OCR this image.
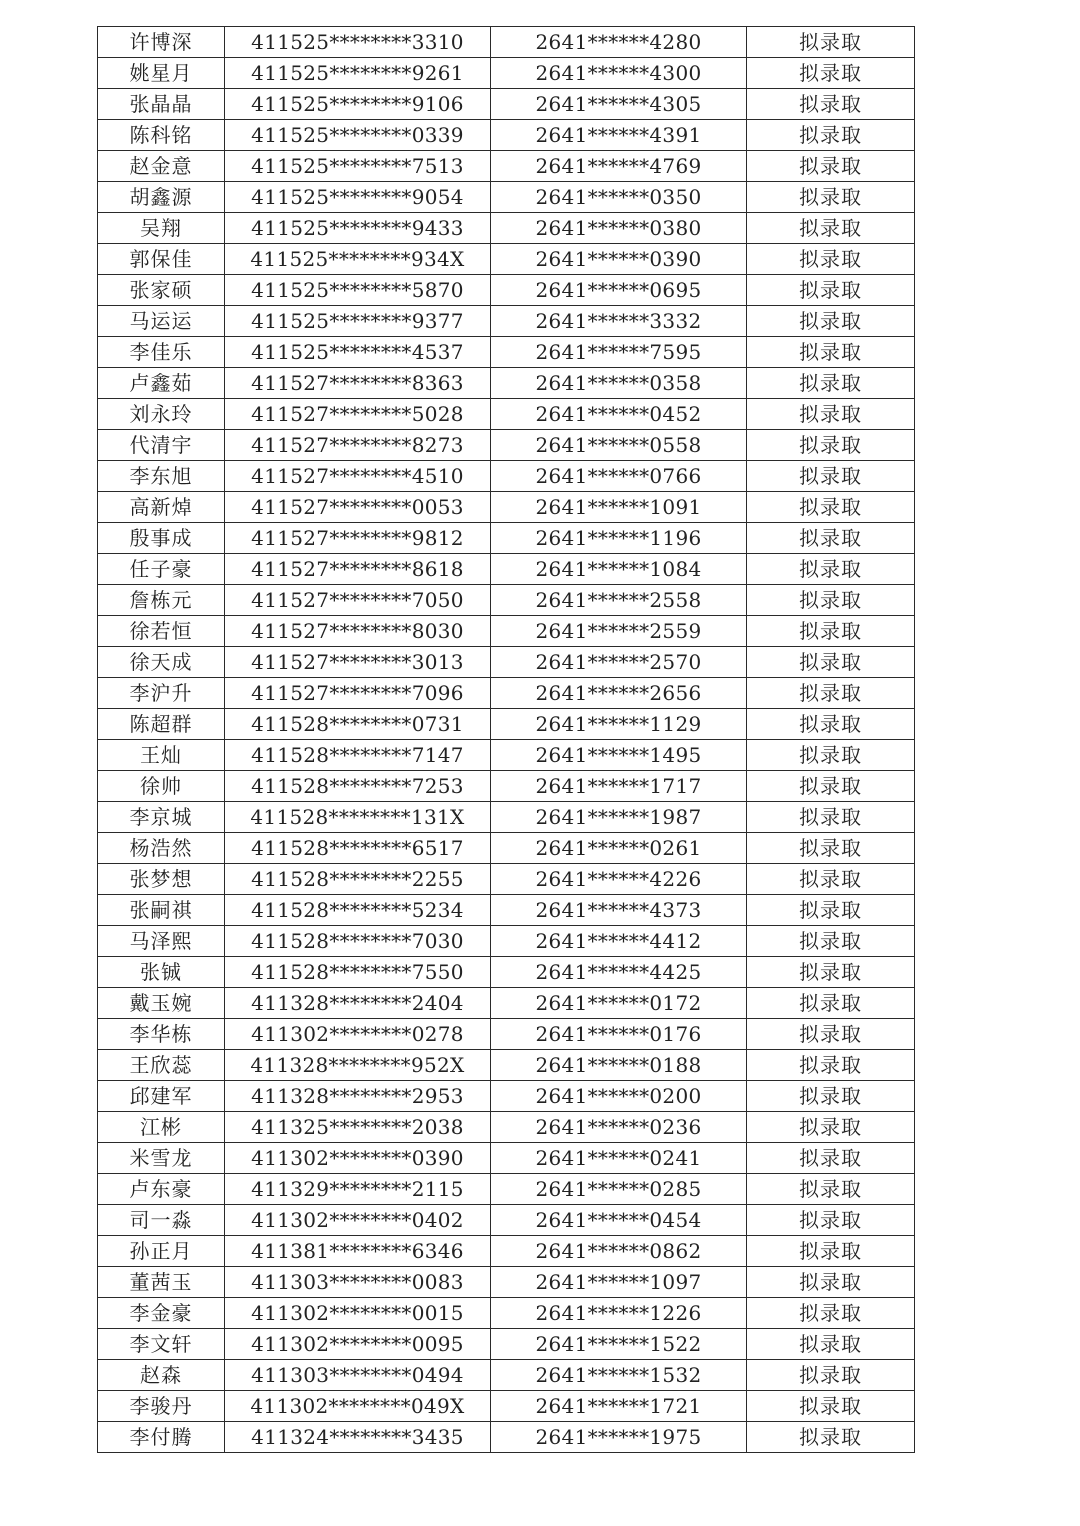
许博深	411525********3310	2641******4280	拟录取
姚星月	411525********9261	2641******4300	拟录取
张晶晶	411525********9106	2641******4305	拟录取
陈科铭	411525********0339	2641******4391	拟录取
赵金意	411525********7513	2641******4769	拟录取
胡鑫源	411525********9054	2641******0350	拟录取
吴翔	411525********9433	2641******0380	拟录取
郭保佳	411525********934X	2641******0390	拟录取
张家硕	411525********5870	2641******0695	拟录取
马运运	411525********9377	2641******3332	拟录取
李佳乐	411525********4537	2641******7595	拟录取
卢鑫茹	411527********8363	2641******0358	拟录取
刘永玲	411527********5028	2641******0452	拟录取
代清宇	411527********8273	2641******0558	拟录取
李东旭	411527********4510	2641******0766	拟录取
高新焯	411527********0053	2641******1091	拟录取
殷事成	411527********9812	2641******1196	拟录取
任子豪	411527********8618	2641******1084	拟录取
詹栋元	411527********7050	2641******2558	拟录取
徐若恒	411527********8030	2641******2559	拟录取
徐天成	411527********3013	2641******2570	拟录取
李沪升	411527********7096	2641******2656	拟录取
陈超群	411528********0731	2641******1129	拟录取
王灿	411528********7147	2641******1495	拟录取
徐帅	411528********7253	2641******1717	拟录取
李京城	411528********131X	2641******1987	拟录取
杨浩然	411528********6517	2641******0261	拟录取
张梦想	411528********2255	2641******4226	拟录取
张嗣祺	411528********5234	2641******4373	拟录取
马泽熙	411528********7030	2641******4412	拟录取
张铖	411528********7550	2641******4425	拟录取
戴玉婉	411328********2404	2641******0172	拟录取
李华栋	411302********0278	2641******0176	拟录取
王欣蕊	411328********952X	2641******0188	拟录取
邱建军	411328********2953	2641******0200	拟录取
江彬	411325********2038	2641******0236	拟录取
米雪龙	411302********0390	2641******0241	拟录取
卢东豪	411329********2115	2641******0285	拟录取
司一淼	411302********0402	2641******0454	拟录取
孙正月	411381********6346	2641******0862	拟录取
董茜玉	411303********0083	2641******1097	拟录取
李金豪	411302********0015	2641******1226	拟录取
李文轩	411302********0095	2641******1522	拟录取
赵森	411303********0494	2641******1532	拟录取
李骏丹	411302********049X	2641******1721	拟录取
李付腾	411324********3435	2641******1975	拟录取
